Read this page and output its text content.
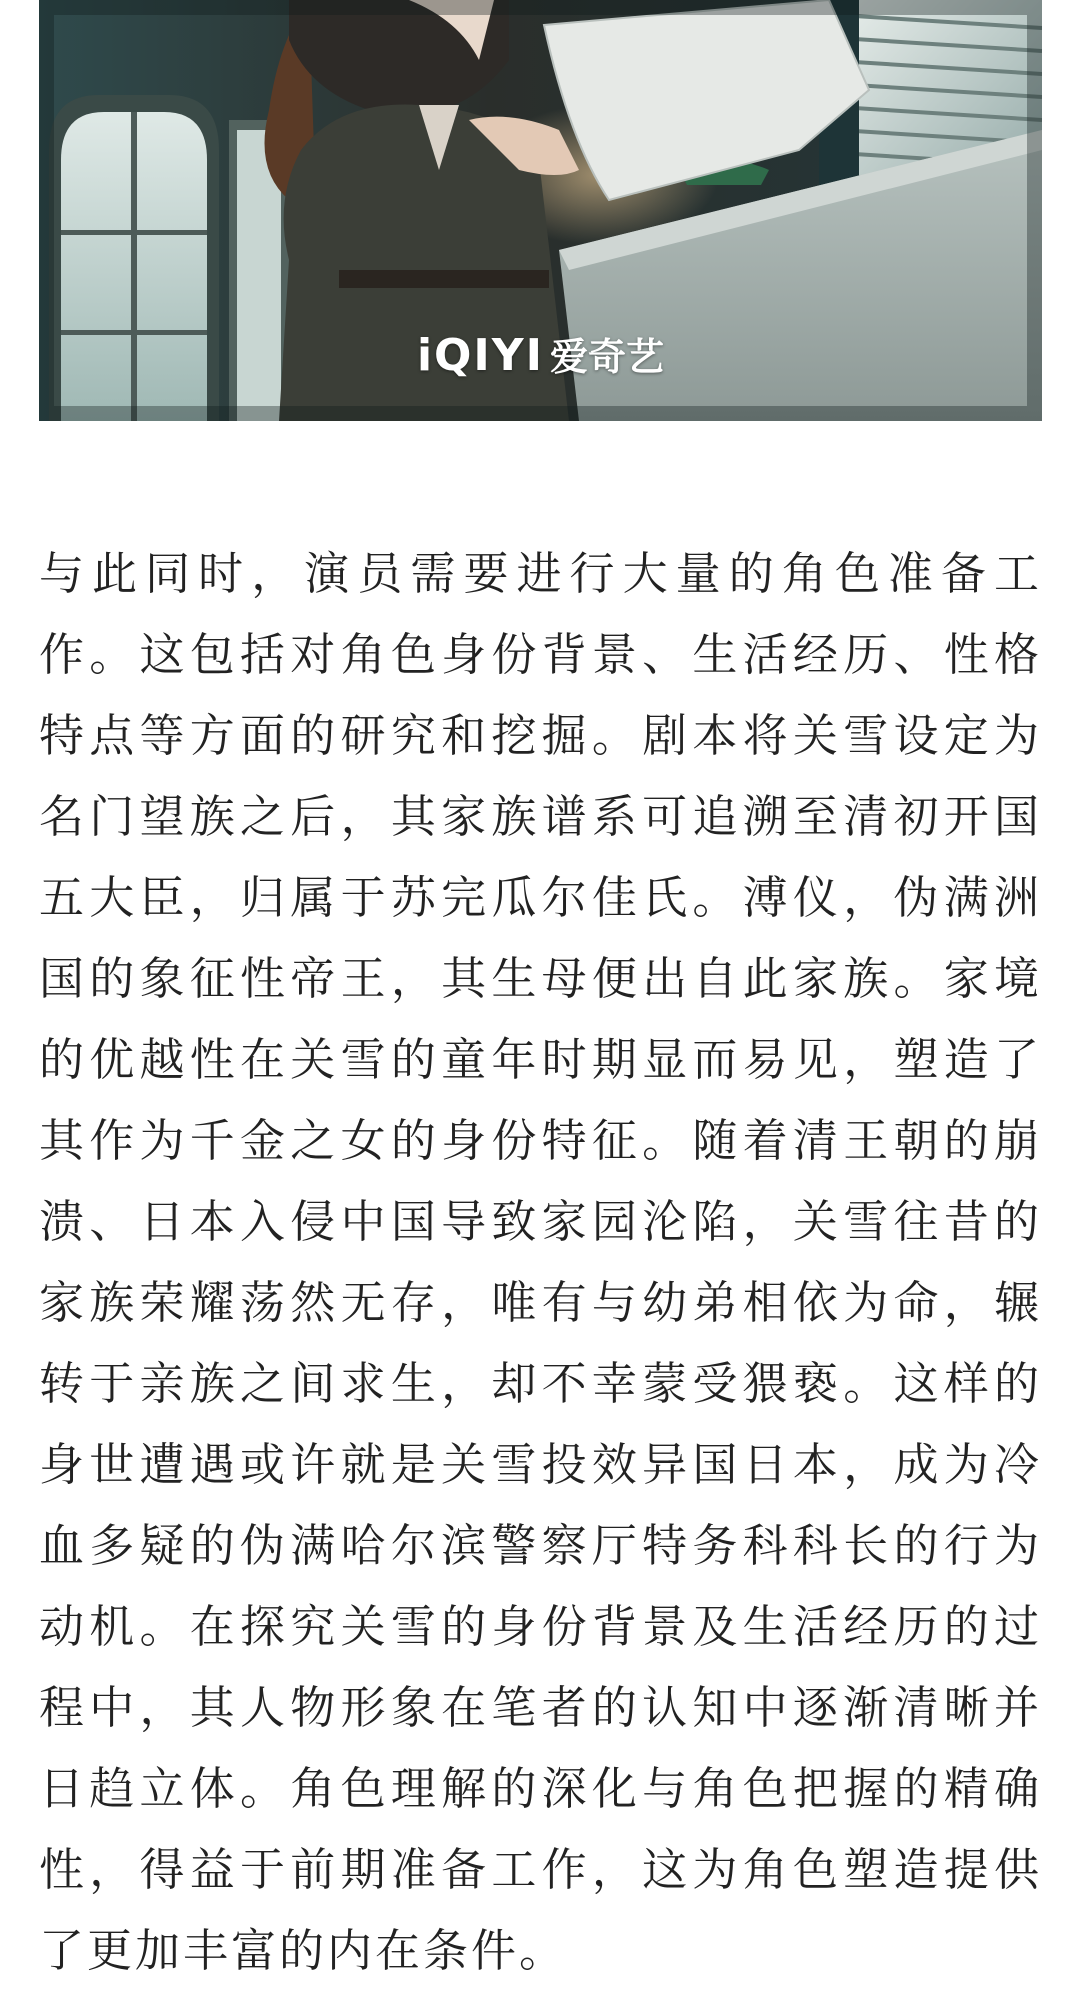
iQIYI 爱奇艺

与此同时，演员需要进行大量的角色准备工作。这包括对角色身份背景、生活经历、性格特点等方面的研究和挖掘。剧本将关雪设定为名门望族之后，其家族谱系可追溯至清初开国五大臣，归属于苏完瓜尔佳氏。溥仪，伪满洲国的象征性帝王，其生母便出自此家族。家境的优越性在关雪的童年时期显而易见，塑造了其作为千金之女的身份特征。随着清王朝的崩溃、日本入侵中国导致家园沦陷，关雪往昔的家族荣耀荡然无存，唯有与幼弟相依为命，辗转于亲族之间求生，却不幸蒙受猥亵。这样的身世遭遇或许就是关雪投效异国日本，成为冷血多疑的伪满哈尔滨警察厅特务科科长的行为动机。在探究关雪的身份背景及生活经历的过程中，其人物形象在笔者的认知中逐渐清晰并日趋立体。角色理解的深化与角色把握的精确性，得益于前期准备工作，这为角色塑造提供了更加丰富的内在条件。
